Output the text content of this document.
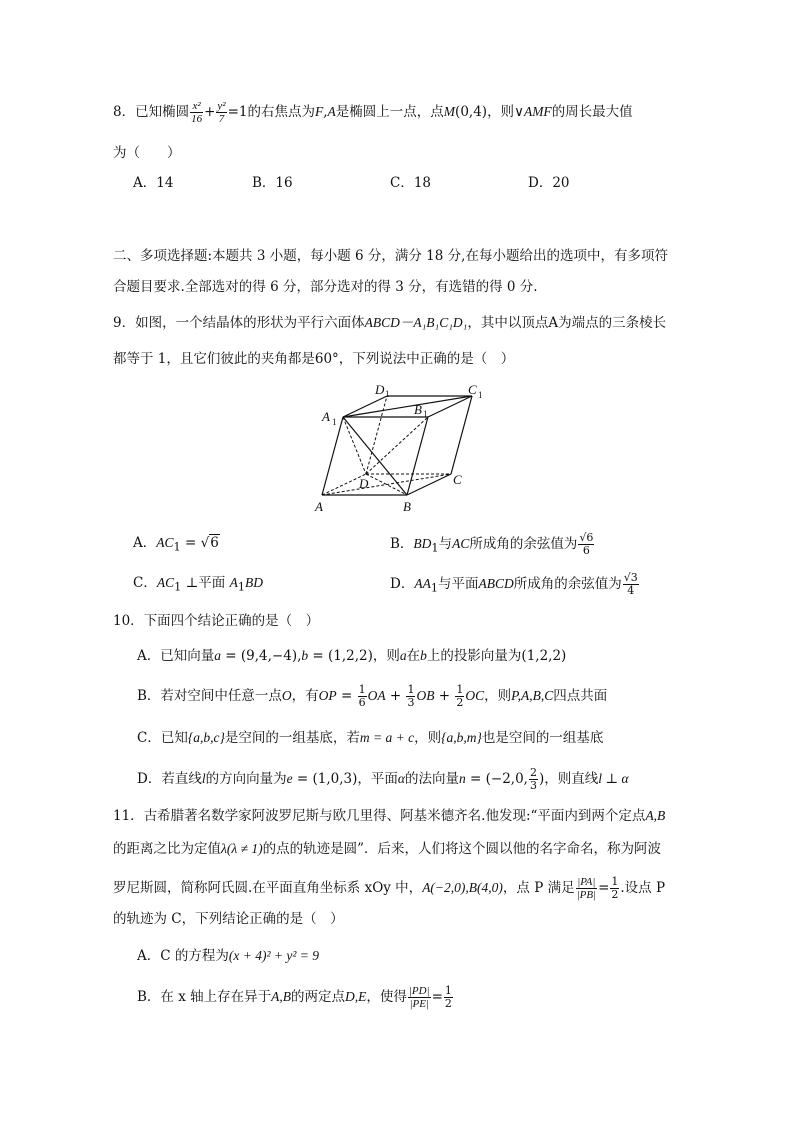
8．已知椭圆 $\frac{\text{x²}}{16} + \frac{\text{y²}}{7} =1$的右焦点为F,A是椭圆上一点，点M(0,4)，则∨AMF的周长最大值
为（　　）
A．14	B．16	C．18	D．20
二、多项选择题:本题共 3 小题，每小题 6 分，满分 18 分,在每小题给出的选项中，有多项符
合题目要求.全部选对的得 6 分，部分选对的得 3 分，有选错的得 0 分.
9．如图，一个结晶体的形状为平行六面体ABCD－A₁B₁C₁D₁，其中以顶点A为端点的三条棱长
都等于 1，且它们彼此的夹角都是60°，下列说法中正确的是（　）
D 1
B 1
C 1
A 1
D	C
A	B
A．$AC_1 = √6$	B．$BD_1$与AC所成角的余弦值为 $\frac{√6}{6}$
C．$AC_1$ ⊥平面 $A_1BD$	D．$AA_1$与平面ABCD所成角的余弦值为 $\frac{√3}{4}$
10．下面四个结论正确的是（　）
A．已知向量a = (9,4,−4),b = (1,2,2)，则a在b上的投影向量为(1,2,2)
B．若对空间中任意一点O，有OP = $\frac{1}{6}$ OA + $\frac{1}{3}$ OB + $\frac{1}{2}$ OC，则P,A,B,C四点共面
C．已知{a,b,c}是空间的一组基底，若m = a + c，则{a,b,m}也是空间的一组基底
D．若直线l的方向向量为e = (1,0,3)，平面α的法向量n = (−2,0, $\frac{2}{3}$ )，则直线l ⊥ α
11．古希腊著名数学家阿波罗尼斯与欧几里得、阿基米德齐名.他发现:“平面内到两个定点A,B
的距离之比为定值λ(λ ≠ 1)的点的轨迹是圆”．后来，人们将这个圆以他的名字命名，称为阿波
罗尼斯圆，简称阿氏圆.在平面直角坐标系 xOy 中，A(−2,0),B(4,0)，点 P 满足 $\frac{|PA|}{|PB|} = \frac{1}{2}$ .设点 P
的轨迹为 C，下列结论正确的是（　）
A．C 的方程为(x + 4)² + y² = 9
B．在 x 轴上存在异于A,B的两定点D,E，使得 $\frac{|PD|}{|PE|} = \frac{1}{2}$
